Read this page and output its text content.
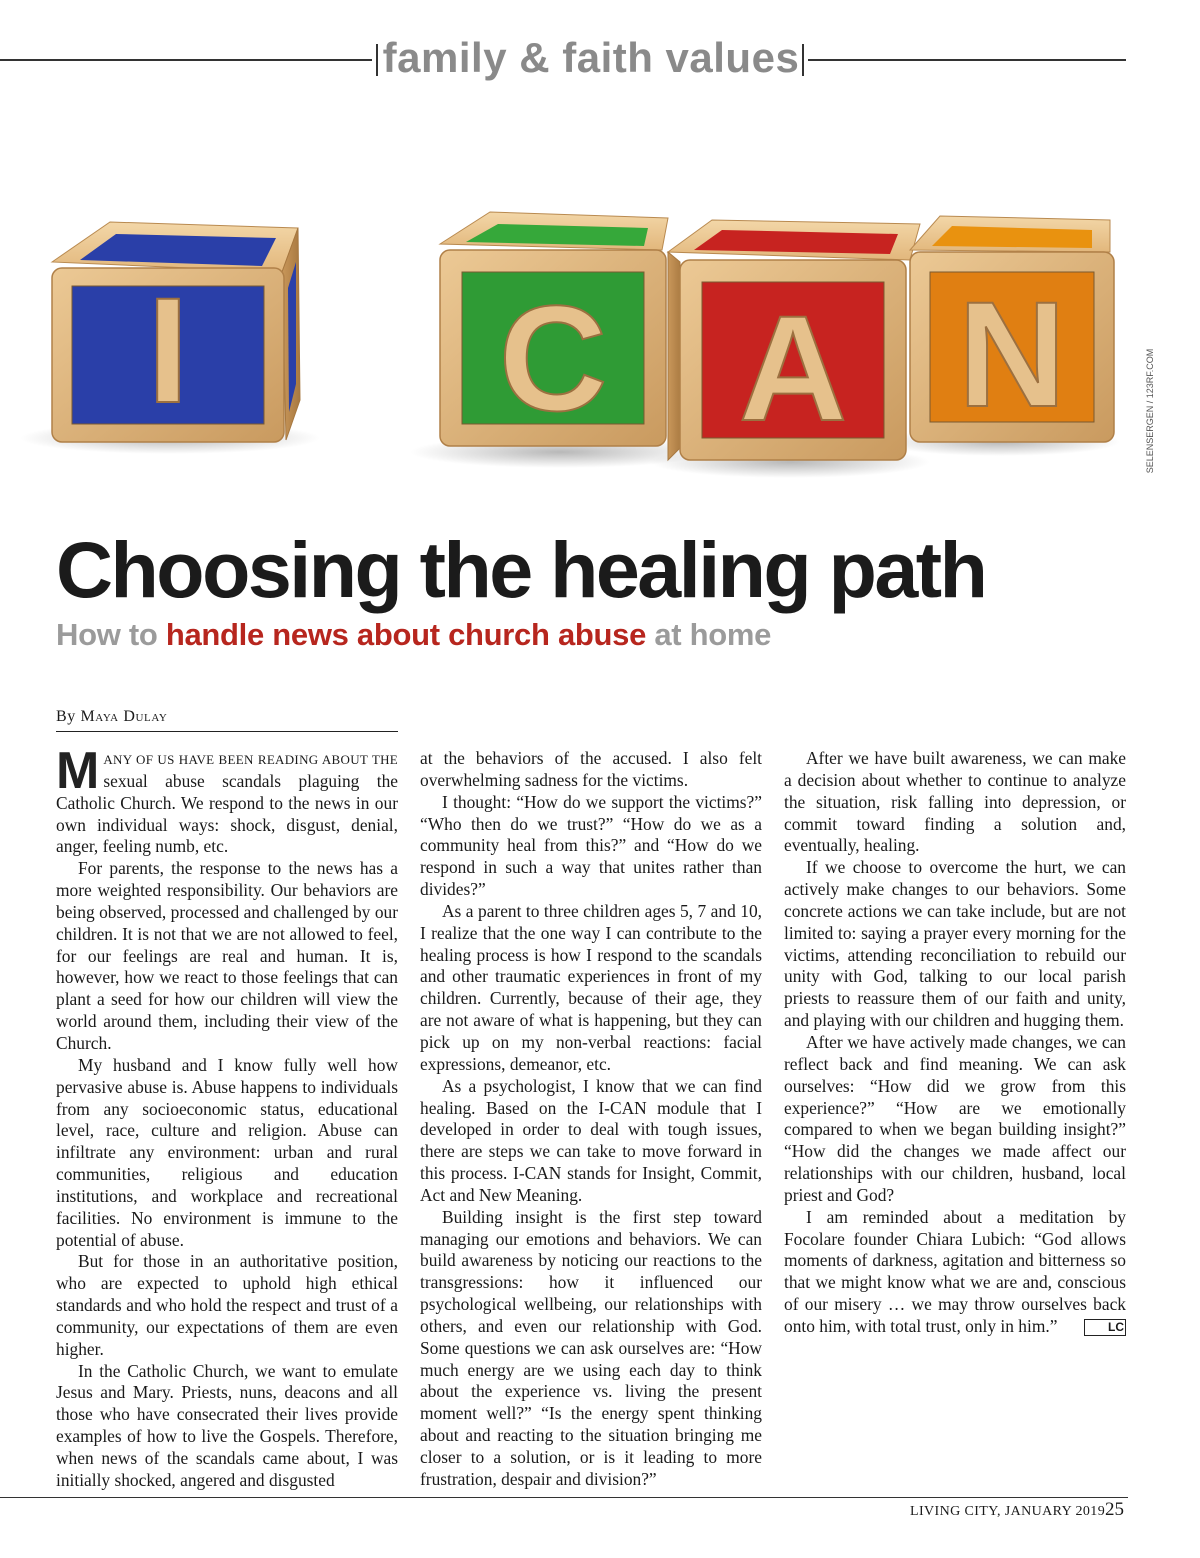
family & faith values
I C A N	SELENSERGEN / 123RF.COM
Choosing the healing path
How to handle news about church abuse at home
By Maya Dulay

MANY OF US HAVE BEEN READING ABOUT THE sexual abuse scandals plaguing the Catholic Church. We respond to the news in our own individual ways: shock, disgust, denial, anger, feeling numb, etc.

For parents, the response to the news has a more weighted responsibility. Our behaviors are being observed, processed and challenged by our children. It is not that we are not allowed to feel, for our feelings are real and human. It is, however, how we react to those feelings that can plant a seed for how our children will view the world around them, including their view of the Church.

My husband and I know fully well how pervasive abuse is. Abuse happens to individuals from any socioeconomic status, educational level, race, culture and religion. Abuse can infiltrate any environment: urban and rural communities, religious and education institutions, and workplace and recreational facilities. No environment is immune to the potential of abuse.

But for those in an authoritative position, who are expected to uphold high ethical standards and who hold the respect and trust of a community, our expectations of them are even higher.

In the Catholic Church, we want to emulate Jesus and Mary. Priests, nuns, deacons and all those who have consecrated their lives provide examples of how to live the Gospels. Therefore, when news of the scandals came about, I was initially shocked, angered and disgusted

at the behaviors of the accused. I also felt overwhelming sadness for the victims.

I thought: “How do we support the victims?” “Who then do we trust?” “How do we as a community heal from this?” and “How do we respond in such a way that unites rather than divides?”

As a parent to three children ages 5, 7 and 10, I realize that the one way I can contribute to the healing process is how I respond to the scandals and other traumatic experiences in front of my children. Currently, because of their age, they are not aware of what is happening, but they can pick up on my non-verbal reactions: facial expressions, demeanor, etc.

As a psychologist, I know that we can find healing. Based on the I-CAN module that I developed in order to deal with tough issues, there are steps we can take to move forward in this process. I-CAN stands for Insight, Commit, Act and New Meaning.

Building insight is the first step toward managing our emotions and behaviors. We can build awareness by noticing our reactions to the transgressions: how it influenced our psychological wellbeing, our relationships with others, and even our relationship with God. Some questions we can ask ourselves are: “How much energy are we using each day to think about the experience vs. living the present moment well?” “Is the energy spent thinking about and reacting to the situation bringing me closer to a solution, or is it leading to more frustration, despair and division?”

After we have built awareness, we can make a decision about whether to continue to analyze the situation, risk falling into depression, or commit toward finding a solution and, eventually, healing.

If we choose to overcome the hurt, we can actively make changes to our behaviors. Some concrete actions we can take include, but are not limited to: saying a prayer every morning for the victims, attending reconciliation to rebuild our unity with God, talking to our local parish priests to reassure them of our faith and unity, and playing with our children and hugging them.

After we have actively made changes, we can reflect back and find meaning. We can ask ourselves: “How did we grow from this experience?” “How are we emotionally compared to when we began building insight?” “How did the changes we made affect our relationships with our children, husband, local priest and God?

I am reminded about a meditation by Focolare founder Chiara Lubich: “God allows moments of darkness, agitation and bitterness so that we might know what we are and, conscious of our misery … we may throw ourselves back onto him, with total trust, only in him.”	LC

LIVING CITY, JANUARY 2019 25
